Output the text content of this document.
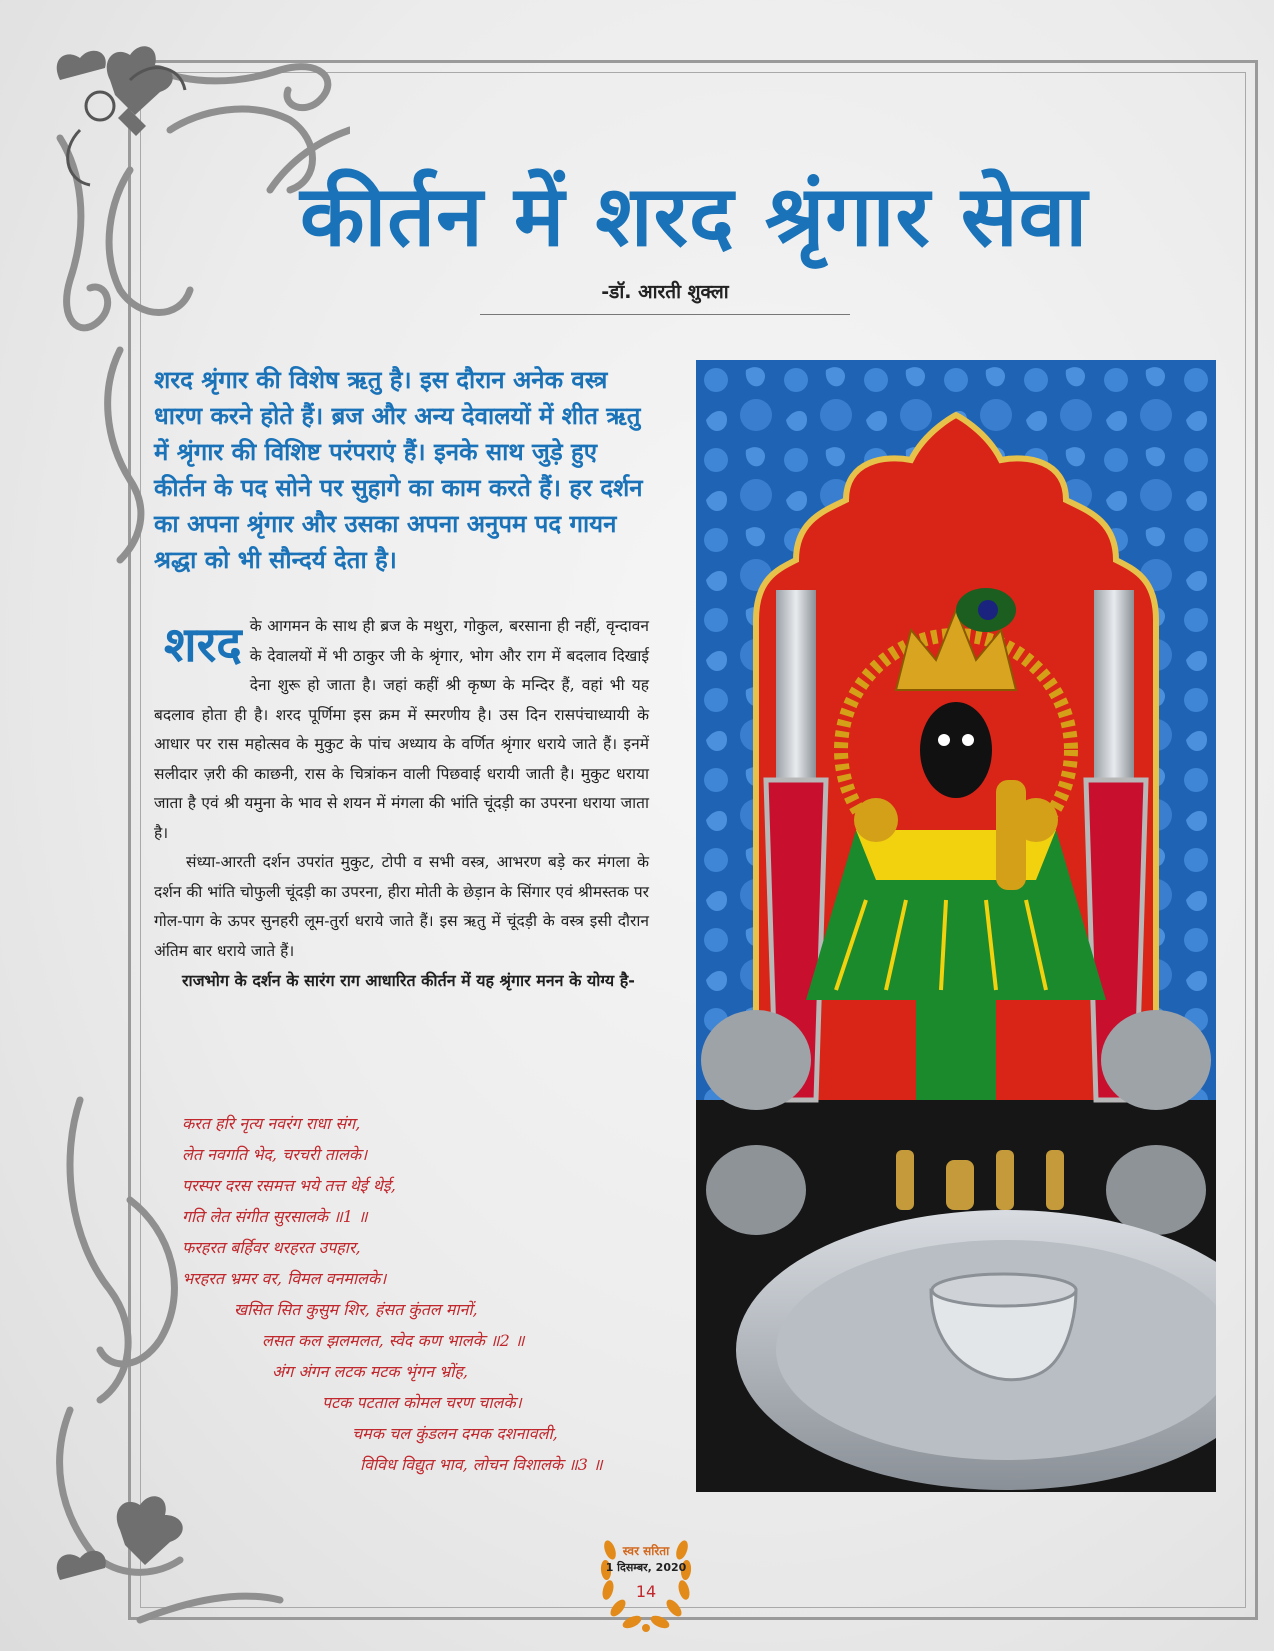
कीर्तन में शरद श्रृंगार सेवा
-डॉ. आरती शुक्ला

शरद श्रृंगार की विशेष ऋतु है। इस दौरान अनेक वस्त्र धारण करने होते हैं। ब्रज और अन्य देवालयों में शीत ऋतु में श्रृंगार की विशिष्ट परंपराएं हैं। इनके साथ जुड़े हुए कीर्तन के पद सोने पर सुहागे का काम करते हैं। हर दर्शन का अपना श्रृंगार और उसका अपना अनुपम पद गायन श्रद्धा को भी सौन्दर्य देता है।

शरद के आगमन के साथ ही ब्रज के मथुरा, गोकुल, बरसाना ही नहीं, वृन्दावन के देवालयों में भी ठाकुर जी के श्रृंगार, भोग और राग में बदलाव दिखाई देना शुरू हो जाता है। जहां कहीं श्री कृष्ण के मन्दिर हैं, वहां भी यह बदलाव होता ही है। शरद पूर्णिमा इस क्रम में स्मरणीय है। उस दिन रासपंचाध्यायी के आधार पर रास महोत्सव के मुकुट के पांच अध्याय के वर्णित श्रृंगार धराये जाते हैं। इनमें सलीदार ज़री की काछनी, रास के चित्रांकन वाली पिछवाई धरायी जाती है। मुकुट धराया जाता है एवं श्री यमुना के भाव से शयन में मंगला की भांति चूंदड़ी का उपरना धराया जाता है।

संध्या-आरती दर्शन उपरांत मुकुट, टोपी व सभी वस्त्र, आभरण बड़े कर मंगला के दर्शन की भांति चोफुली चूंदड़ी का उपरना, हीरा मोती के छेड़ान के सिंगार एवं श्रीमस्तक पर गोल-पाग के ऊपर सुनहरी लूम-तुर्रा धराये जाते हैं। इस ऋतु में चूंदड़ी के वस्त्र इसी दौरान अंतिम बार धराये जाते हैं।

राजभोग के दर्शन के सारंग राग आधारित कीर्तन में यह श्रृंगार मनन के योग्य है-

करत हरि नृत्य नवरंग राधा संग,
लेत नवगति भेद, चरचरी तालके।
परस्पर दरस रसमत्त भये तत्त थेई थेई,
गति लेत संगीत सुरसालके ॥1 ॥
फरहरत बर्हिवर थरहरत उपहार,
भरहरत भ्रमर वर, विमल वनमालके।
खसित सित कुसुम शिर, हंसत कुंतल मानों,
लसत कल झलमलत, स्वेद कण भालके ॥2 ॥
अंग अंगन लटक मटक भृंगन भ्रोंह,
पटक पटताल कोमल चरण चालके।
चमक चल कुंडलन दमक दशनावली,
विविध विद्युत भाव, लोचन विशालके ॥3 ॥
स्वर सरिता
1 दिसम्बर, 2020
14
